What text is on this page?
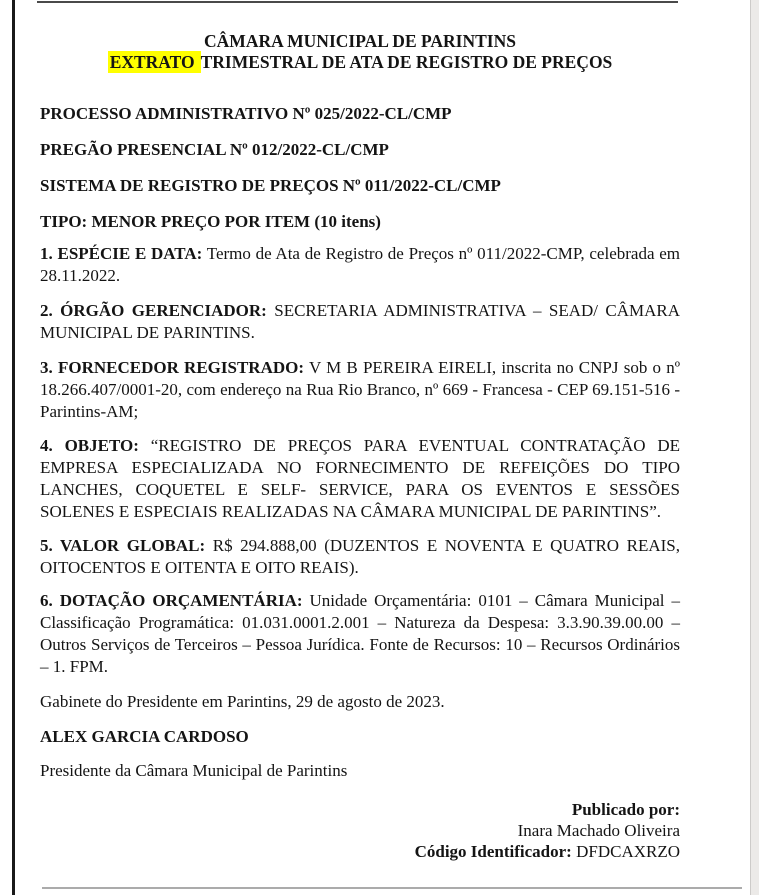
CÂMARA MUNICIPAL DE PARINTINS
EXTRATO TRIMESTRAL DE ATA DE REGISTRO DE PREÇOS
PROCESSO ADMINISTRATIVO Nº 025/2022-CL/CMP
PREGÃO PRESENCIAL Nº 012/2022-CL/CMP
SISTEMA DE REGISTRO DE PREÇOS Nº 011/2022-CL/CMP
TIPO: MENOR PREÇO POR ITEM (10 itens)

1. ESPÉCIE E DATA: Termo de Ata de Registro de Preços nº 011/2022-CMP, celebrada em 28.11.2022.

2. ÓRGÃO GERENCIADOR: SECRETARIA ADMINISTRATIVA – SEAD/ CÂMARA MUNICIPAL DE PARINTINS.

3. FORNECEDOR REGISTRADO: V M B PEREIRA EIRELI, inscrita no CNPJ sob o nº 18.266.407/0001-20, com endereço na Rua Rio Branco, nº 669 - Francesa - CEP 69.151-516 - Parintins-AM;

4. OBJETO: “REGISTRO DE PREÇOS PARA EVENTUAL CONTRATAÇÃO DE EMPRESA ESPECIALIZADA NO FORNECIMENTO DE REFEIÇÕES DO TIPO LANCHES, COQUETEL E SELF- SERVICE, PARA OS EVENTOS E SESSÕES SOLENES E ESPECIAIS REALIZADAS NA CÂMARA MUNICIPAL DE PARINTINS”.

5. VALOR GLOBAL: R$ 294.888,00 (DUZENTOS E NOVENTA E QUATRO REAIS, OITOCENTOS E OITENTA E OITO REAIS).

6. DOTAÇÃO ORÇAMENTÁRIA: Unidade Orçamentária: 0101 – Câmara Municipal – Classificação Programática: 01.031.0001.2.001 – Natureza da Despesa: 3.3.90.39.00.00 – Outros Serviços de Terceiros – Pessoa Jurídica. Fonte de Recursos: 10 – Recursos Ordinários – 1. FPM.

Gabinete do Presidente em Parintins, 29 de agosto de 2023.

ALEX GARCIA CARDOSO

Presidente da Câmara Municipal de Parintins

Publicado por:
Inara Machado Oliveira
Código Identificador: DFDCAXRZO
